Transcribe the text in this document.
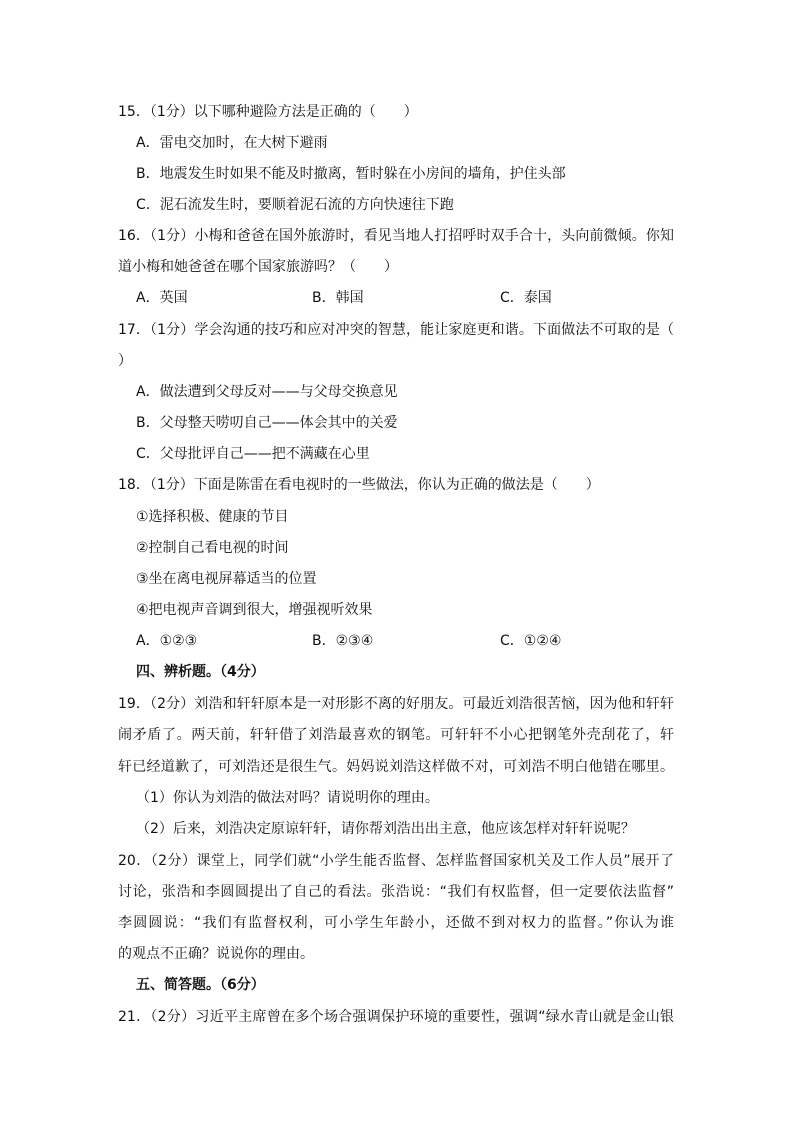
15．（1分）以下哪种避险方法是正确的（　　）
A．雷电交加时，在大树下避雨
B．地震发生时如果不能及时撤离，暂时躲在小房间的墙角，护住头部
C．泥石流发生时，要顺着泥石流的方向快速往下跑
16．（1分）小梅和爸爸在国外旅游时，看见当地人打招呼时双手合十，头向前微倾。你知
道小梅和她爸爸在哪个国家旅游吗？（　　）
A．英国	B．韩国	C．泰国
17．（1分）学会沟通的技巧和应对冲突的智慧，能让家庭更和谐。下面做法不可取的是（
）
A．做法遭到父母反对——与父母交换意见
B．父母整天唠叨自己——体会其中的关爱
C．父母批评自己——把不满藏在心里
18．（1分）下面是陈雷在看电视时的一些做法，你认为正确的做法是（　　）
①选择积极、健康的节目
②控制自己看电视的时间
③坐在离电视屏幕适当的位置
④把电视声音调到很大，增强视听效果
A．①②③	B．②③④	C．①②④
四、辨析题。（4分）
19．（2分）刘浩和轩轩原本是一对形影不离的好朋友。可最近刘浩很苦恼，因为他和轩轩
闹矛盾了。两天前，轩轩借了刘浩最喜欢的钢笔。可轩轩不小心把钢笔外壳刮花了，轩
轩已经道歉了，可刘浩还是很生气。妈妈说刘浩这样做不对，可刘浩不明白他错在哪里。
（1）你认为刘浩的做法对吗？请说明你的理由。
（2）后来，刘浩决定原谅轩轩，请你帮刘浩出出主意，他应该怎样对轩轩说呢？
20．（2分）课堂上，同学们就“小学生能否监督、怎样监督国家机关及工作人员”展开了
讨论，张浩和李圆圆提出了自己的看法。张浩说：“我们有权监督，但一定要依法监督”
李圆圆说：“我们有监督权利，可小学生年龄小，还做不到对权力的监督。”你认为谁
的观点不正确？说说你的理由。
五、简答题。（6分）
21．（2分）习近平主席曾在多个场合强调保护环境的重要性，强调“绿水青山就是金山银
